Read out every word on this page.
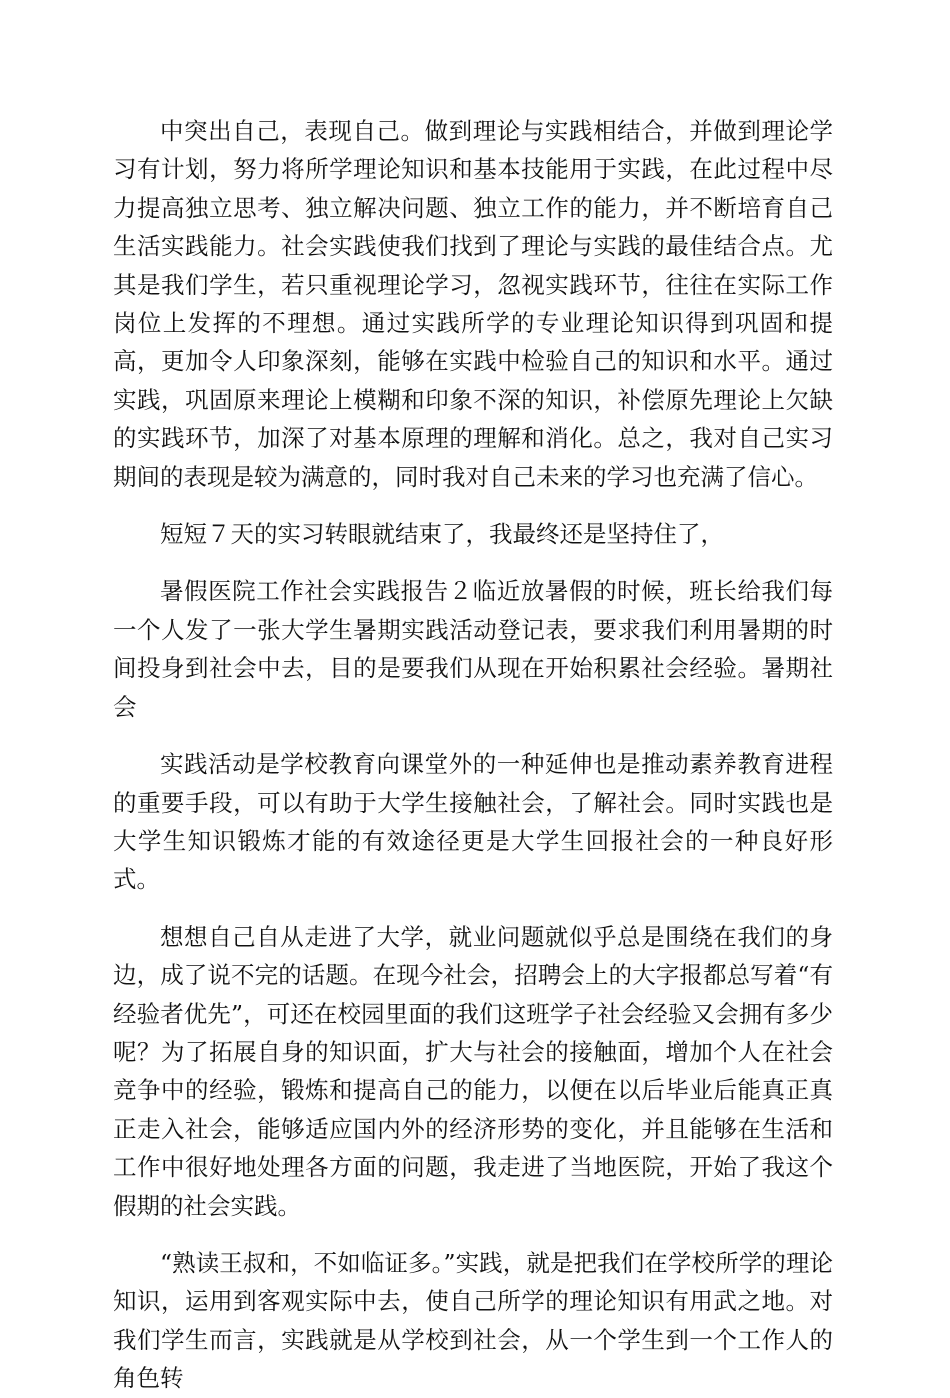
中突出自己，表现自己。做到理论与实践相结合，并做到理论学习有计划，努力将所学理论知识和基本技能用于实践，在此过程中尽力提高独立思考、独立解决问题、独立工作的能力，并不断培育自己生活实践能力。社会实践使我们找到了理论与实践的最佳结合点。尤其是我们学生，若只重视理论学习，忽视实践环节，往往在实际工作岗位上发挥的不理想。通过实践所学的专业理论知识得到巩固和提高，更加令人印象深刻，能够在实践中检验自己的知识和水平。通过实践，巩固原来理论上模糊和印象不深的知识，补偿原先理论上欠缺的实践环节，加深了对基本原理的理解和消化。总之，我对自己实习期间的表现是较为满意的，同时我对自己未来的学习也充满了信心。

短短７天的实习转眼就结束了，我最终还是坚持住了，

暑假医院工作社会实践报告２临近放暑假的时候，班长给我们每一个人发了一张大学生暑期实践活动登记表，要求我们利用暑期的时间投身到社会中去，目的是要我们从现在开始积累社会经验。暑期社会

实践活动是学校教育向课堂外的一种延伸也是推动素养教育进程的重要手段，可以有助于大学生接触社会，了解社会。同时实践也是大学生知识锻炼才能的有效途径更是大学生回报社会的一种良好形式。

想想自己自从走进了大学，就业问题就似乎总是围绕在我们的身边，成了说不完的话题。在现今社会，招聘会上的大字报都总写着“有经验者优先”，可还在校园里面的我们这班学子社会经验又会拥有多少呢？为了拓展自身的知识面，扩大与社会的接触面，增加个人在社会竞争中的经验，锻炼和提高自己的能力，以便在以后毕业后能真正真正走入社会，能够适应国内外的经济形势的变化，并且能够在生活和工作中很好地处理各方面的问题，我走进了当地医院，开始了我这个假期的社会实践。

“熟读王叔和，不如临证多。”实践，就是把我们在学校所学的理论知识，运用到客观实际中去，使自己所学的理论知识有用武之地。对我们学生而言，实践就是从学校到社会，从一个学生到一个工作人的角色转
